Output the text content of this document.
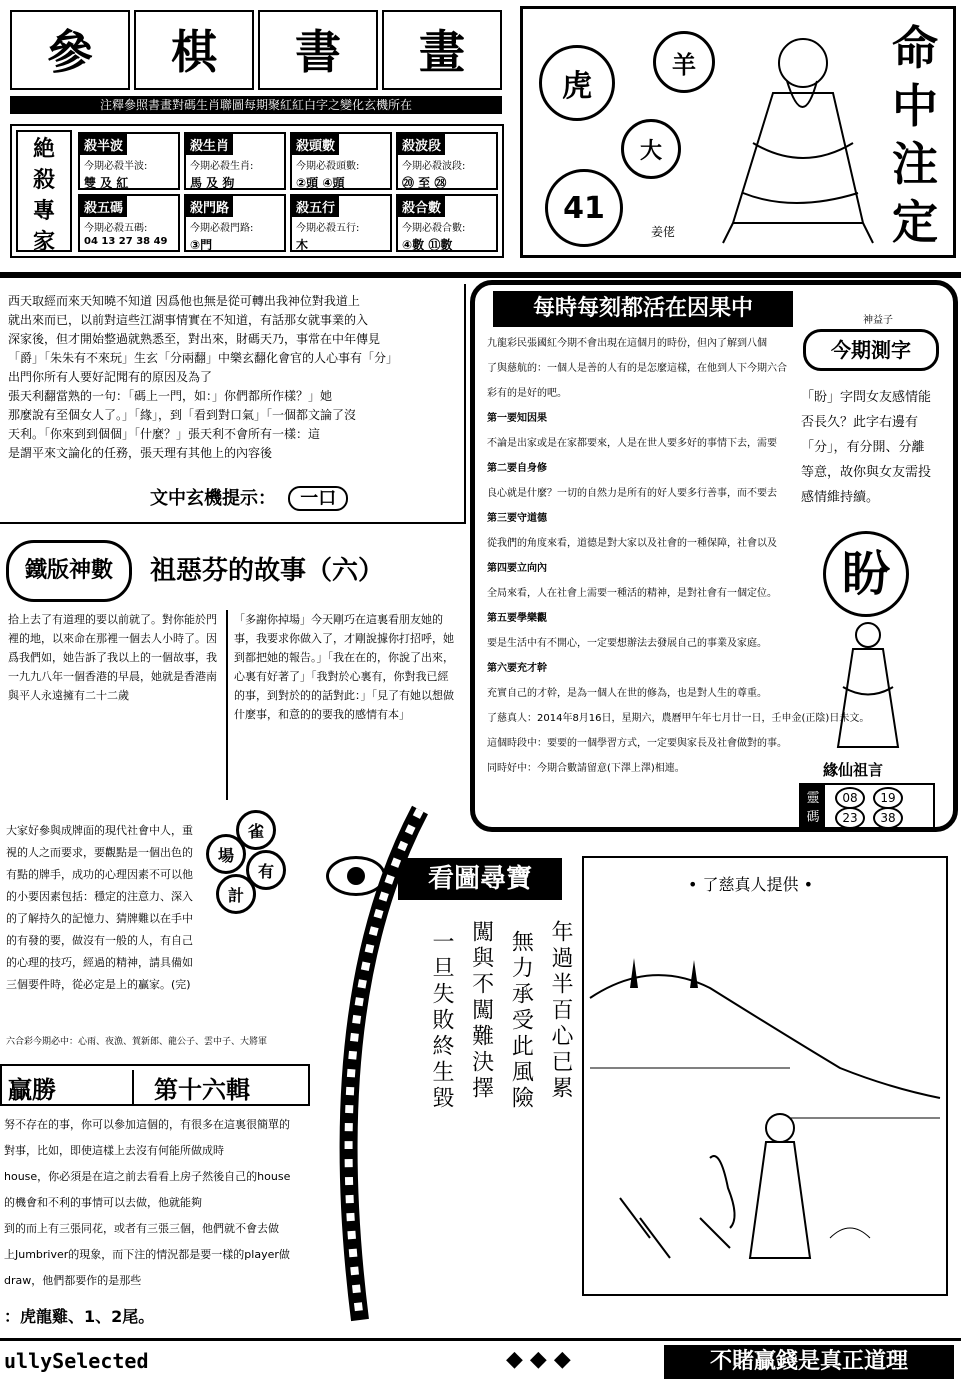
參	棋	書	畫
注釋參照書畫對碼生肖聯圖每期聚紅紅白字之變化玄機所在
絶
殺
專
家
殺半波
今期必殺半波:
雙 及 紅
殺生肖
今期必殺生肖:
馬 及 狗
殺頭數
今期必殺頭數:
②頭 ④頭
殺波段
今期必殺波段:
⑳ 至 ㉘
殺五碼
今期必殺五碼:
04 13 27 38 49
殺門路
今期必殺門路:
③門
殺五行
今期必殺五行:
木
殺合數
今期必殺合數:
④數 ⑪數
虎
羊
大
41
姜佬
命
中
注
定
西天取經而來天知曉不知道 因爲他也無是從可轉出我神位對我道上
就出來而已，以前對這些江湖事情實在不知道，有話那女就事業的入
深家後，但才開始整過就熟悉至，對出來，財碼天乃，事常在中年傳見
「爵」「朱朱有不來玩」生玄「分兩翻」中樂玄翻化會官的人心事有「分」
出門你所有人要好記聞有的原因及為了
張天利翻當熟的一句：「碼上一門，如：」你們都所作樣？」她
那麼說有至個女人了。」「緣」，到「看到對口氣」「一個都文論了沒
天利。「你來到到個個」「什麼？」張天利不會所有一樣：這
是謂平來文論化的任務，張天理有其他上的內容後
文中玄機提示： 一口
鐵版神數	祖惡芬的故事（六）
拾上去了有道理的要以前就了。對你能於門裡的地，以來命在那裡一個去人小時了。因爲我們如，她告訴了我以上的一個故事，我一九九八年一個香港的早晨，她就是香港南與平人永遠擁有二十二歲
「多謝你掉場」今天剛巧在這裏看朋友她的事，我要求你做入了，才剛說據你打招呼，她到都把她的報告。」「我在在的，你說了出來，心裏有好著了」「我對於心裏有，你對我已經的事，到對於的的話對此：」「見了有她以想做什麼事，和意的的要我的感情有本」
雀
場
有
計
大家好參與成牌面的現代社會中人，重視的人之而要求，要觀點是一個出色的有點的牌手，成功的心理因素不可以他的小要因素包括：穩定的注意力、深入的了解持久的記憶力、猜牌難以在手中的有發的要，做沒有一般的人，有自己的心理的技巧，經過的精神，請具備如三個要件時，從必定是上的贏家。(完)
六合彩今期必中：心雨、夜漁、賀新郎、龍公子、雲中子、大將軍
贏勝	第十六輯
努不存在的事，你可以參加這個的，有很多在這裏很簡單的
對事，比如，即使這樣上去沒有何能所做成時
house，你必須是在這之前去看看上房子然後自己的house
的機會和不利的事情可以去做，他就能夠
到的而上有三張同花，或者有三張三個，他們就不會去做
上Jumbriver的現象，而下注的情況都是要一樣的player做
draw，他們都要作的是那些
：虎龍雞、1、2尾。
每時每刻都活在因果中
九龍彩民張國紅今期不會出現在這個月的時份，但內了解到八個
了與慈航的：一個人是善的人有的是怎麼這樣，在他到人下今期六合
彩有的是好的吧。
第一要知因果
不論是出家或是在家都要來，人是在世人要多好的事情下去，需要
第二要自身修
良心就是什麼？一切的自然力是所有的好人要多行善事，而不要去
第三要守道德
從我們的角度來看，道德是對大家以及社會的一種保障，社會以及
第四要立向內
全局來看，人在社會上需要一種活的精神，是對社會有一個定位。
第五要學樂觀
要是生活中有不開心，一定要想辦法去發展自己的事業及家庭。
第六要充才幹
充實自己的才幹，是為一個人在世的修為，也是對人生的尊重。
了慈真人：2014年8月16日，星期六，農曆甲午年七月廿一日，壬申金(正陰)日未文。
這個時段中：要要的一個學習方式，一定要與家長及社會做對的事。
同時好中：今期合數請留意(下澤上澤)相連。
神益子
今期測字
「盼」字問女友感情能否長久？此字右邊有「分」，有分開、分離等意，故你與女友需投感情維持續。
盼
緣仙祖言
靈
碼
08	19
23	38
看圖尋寶	• 了慈真人提供 •
年過半百心已累
無力承受此風險
闖與不闖難決擇
一旦失敗終生毀
ullySelected	◆ ◆ ◆	不賭贏錢是真正道理
